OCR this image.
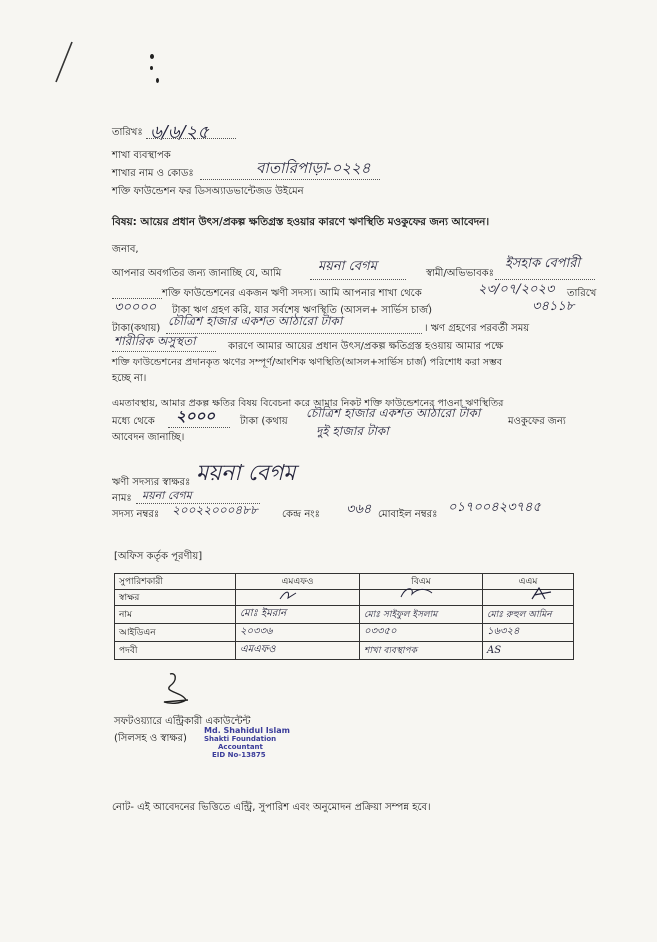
তারিখঃ ৬/৬/২৫
শাখা ব্যবস্থাপক
শাখার নাম ও কোডঃ	বাতারিপাড়া-০২২৪
শক্তি ফাউন্ডেশন ফর ডিসঅ্যাডভান্টেজড উইমেন
বিষয়: আয়ের প্রধান উৎস/প্রকল্প ক্ষতিগ্রস্ত হওয়ার কারণে ঋণস্থিতি মওকুফের জন্য আবেদন।
জনাব,
আপনার অবগতির জন্য জানাচ্ছি যে, আমি	ময়না বেগম	স্বামী/অভিভাবকঃ
ইসহাক বেপারী
শক্তি ফাউন্ডেশনের একজন ঋণী সদস্য। আমি আপনার শাখা থেকে	২৩/০৭/২০২৩ তারিখে
৩০০০০ টাকা ঋণ গ্রহণ করি, যার সর্বশেষ ঋণস্থিতি (আসল+ সার্ভিস চার্জ)	৩৪১১৮
টাকা(কথায়)
চৌত্রিশ হাজার একশত আঠারো টাকা
। ঋণ গ্রহণের পরবর্তী সময়
শারীরিক অসুস্থতা	কারণে আমার আয়ের প্রধান উৎস/প্রকল্প ক্ষতিগ্রস্ত হওয়ায় আমার পক্ষে
শক্তি ফাউন্ডেশনের প্রদানকৃত ঋণের সম্পূর্ণ/আংশিক ঋণস্থিতি(আসল+সার্ভিস চার্জ) পরিশোধ করা সম্ভব
হচ্ছে না।
এমতাবস্থায়, আমার প্রকল্প ক্ষতির বিষয় বিবেচনা করে আমার নিকট শক্তি ফাউন্ডেশনের পাওনা ঋণস্থিতির
মধ্যে থেকে ২০০০ টাকা (কথায়
চৌত্রিশ হাজার একশত আঠারো টাকা
মওকুফের জন্য
দুই হাজার টাকা
আবেদন জানাচ্ছি।
ঋণী সদস্যর স্বাক্ষরঃ ময়না বেগম
নামঃ ময়না বেগম
সদস্য নম্বরঃ ২০০২২০০০৪৮৮ কেন্দ্র নংঃ ৩৬৪ মোবাইল নম্বরঃ ০১৭০০৪২৩৭৪৫
[অফিস কর্তৃক পূরণীয়]
সুপারিশকারী	এমএফও	বিএম	এএম
স্বাক্ষর	

নাম	মোঃ ইমরান	মোঃ সাইফুল ইসলাম	মোঃ রুহুল আমিন
আইডিএন	২০৩৩৬	০৩৩৫০	১৬৩২৪
পদবী	এমএফও	শাখা ব্যবস্থাপক	AS
সফটওয়্যারে এন্ট্রিকারী একাউন্টেন্ট
(সিলসহ ও স্বাক্ষর)
Md. Shahidul Islam
Shakti Foundation
Accountant
EID No-13875
নোট- এই আবেদনের ভিত্তিতে এন্ট্রি, সুপারিশ এবং অনুমোদন প্রক্রিয়া সম্পন্ন হবে।
